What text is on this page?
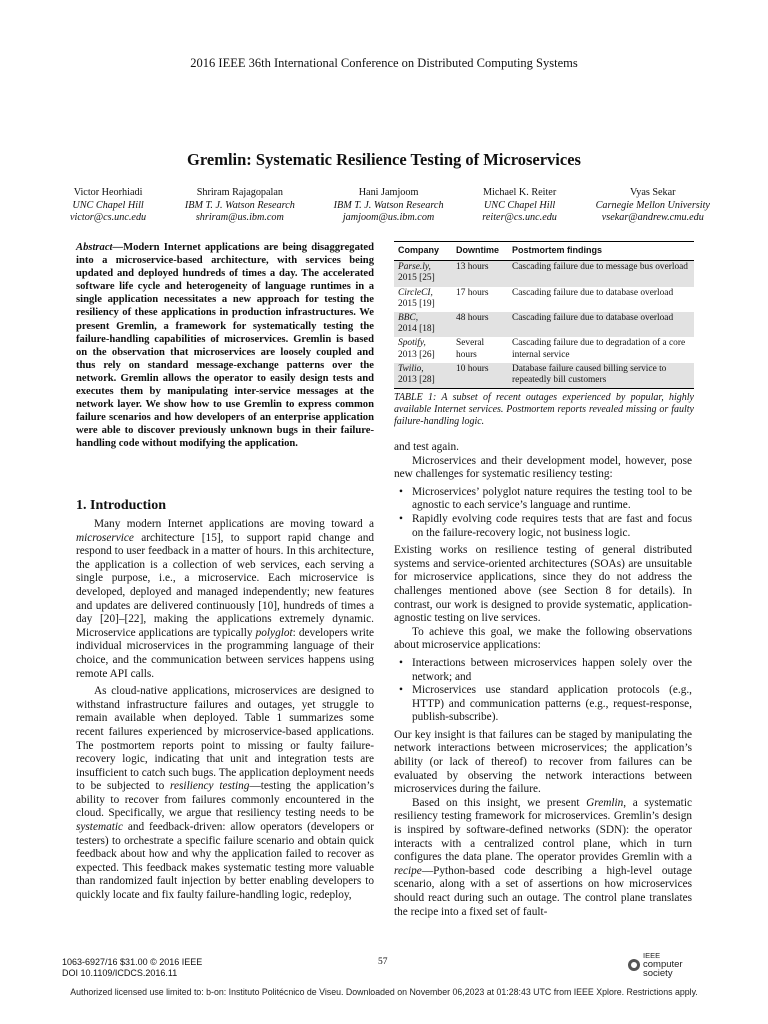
2016 IEEE 36th International Conference on Distributed Computing Systems
Gremlin: Systematic Resilience Testing of Microservices
Victor Heorhiadi
UNC Chapel Hill
victor@cs.unc.edu
Shriram Rajagopalan
IBM T. J. Watson Research
shriram@us.ibm.com
Hani Jamjoom
IBM T. J. Watson Research
jamjoom@us.ibm.com
Michael K. Reiter
UNC Chapel Hill
reiter@cs.unc.edu
Vyas Sekar
Carnegie Mellon University
vsekar@andrew.cmu.edu
Abstract—Modern Internet applications are being disaggregated into a microservice-based architecture, with services being updated and deployed hundreds of times a day. The accelerated software life cycle and heterogeneity of language runtimes in a single application necessitates a new approach for testing the resiliency of these applications in production infrastructures. We present Gremlin, a framework for systematically testing the failure-handling capabilities of microservices. Gremlin is based on the observation that microservices are loosely coupled and thus rely on standard message-exchange patterns over the network. Gremlin allows the operator to easily design tests and executes them by manipulating inter-service messages at the network layer. We show how to use Gremlin to express common failure scenarios and how developers of an enterprise application were able to discover previously unknown bugs in their failure-handling code without modifying the application.
1. Introduction

Many modern Internet applications are moving toward a microservice architecture [15], to support rapid change and respond to user feedback in a matter of hours. In this architecture, the application is a collection of web services, each serving a single purpose, i.e., a microservice. Each microservice is developed, deployed and managed independently; new features and updates are delivered continuously [10], hundreds of times a day [20]–[22], making the applications extremely dynamic. Microservice applications are typically polyglot: developers write individual microservices in the programming language of their choice, and the communication between services happens using remote API calls.

As cloud-native applications, microservices are designed to withstand infrastructure failures and outages, yet struggle to remain available when deployed. Table 1 summarizes some recent failures experienced by microservice-based applications. The postmortem reports point to missing or faulty failure-recovery logic, indicating that unit and integration tests are insufficient to catch such bugs. The application deployment needs to be subjected to resiliency testing—testing the application’s ability to recover from failures commonly encountered in the cloud. Specifically, we argue that resiliency testing needs to be systematic and feedback-driven: allow operators (developers or testers) to orchestrate a specific failure scenario and obtain quick feedback about how and why the application failed to recover as expected. This feedback makes systematic testing more valuable than randomized fault injection by better enabling developers to quickly locate and fix faulty failure-handling logic, redeploy,

Company	Downtime	Postmortem findings
Parse.ly,
2015 [25]	13 hours	Cascading failure due to message bus overload
CircleCI,
2015 [19]	17 hours	Cascading failure due to database overload
BBC,
2014 [18]	48 hours	Cascading failure due to database overload
Spotify,
2013 [26]	Several hours	Cascading failure due to degradation of a core internal service
Twilio,
2013 [28]	10 hours	Database failure caused billing service to repeatedly bill customers
TABLE 1: A subset of recent outages experienced by popular, highly available Internet services. Postmortem reports revealed missing or faulty failure-handling logic.

and test again.

Microservices and their development model, however, pose new challenges for systematic resiliency testing:

• Microservices’ polyglot nature requires the testing tool to be agnostic to each service’s language and runtime.
• Rapidly evolving code requires tests that are fast and focus on the failure-recovery logic, not business logic.

Existing works on resilience testing of general distributed systems and service-oriented architectures (SOAs) are unsuitable for microservice applications, since they do not address the challenges mentioned above (see Section 8 for details). In contrast, our work is designed to provide systematic, application-agnostic testing on live services.

To achieve this goal, we make the following observations about microservice applications:

• Interactions between microservices happen solely over the network; and
• Microservices use standard application protocols (e.g., HTTP) and communication patterns (e.g., request-response, publish-subscribe).

Our key insight is that failures can be staged by manipulating the network interactions between microservices; the application’s ability (or lack of thereof) to recover from failures can be evaluated by observing the network interactions between microservices during the failure.

Based on this insight, we present Gremlin, a systematic resiliency testing framework for microservices. Gremlin’s design is inspired by software-defined networks (SDN): the operator interacts with a centralized control plane, which in turn configures the data plane. The operator provides Gremlin with a recipe—Python-based code describing a high-level outage scenario, along with a set of assertions on how microservices should react during such an outage. The control plane translates the recipe into a fixed set of fault-

1063-6927/16 $31.00 © 2016 IEEE
DOI 10.1109/ICDCS.2016.11
57
IEEE
computer
society
Authorized licensed use limited to: b-on: Instituto Politécnico de Viseu. Downloaded on November 06,2023 at 01:28:43 UTC from IEEE Xplore. Restrictions apply.
